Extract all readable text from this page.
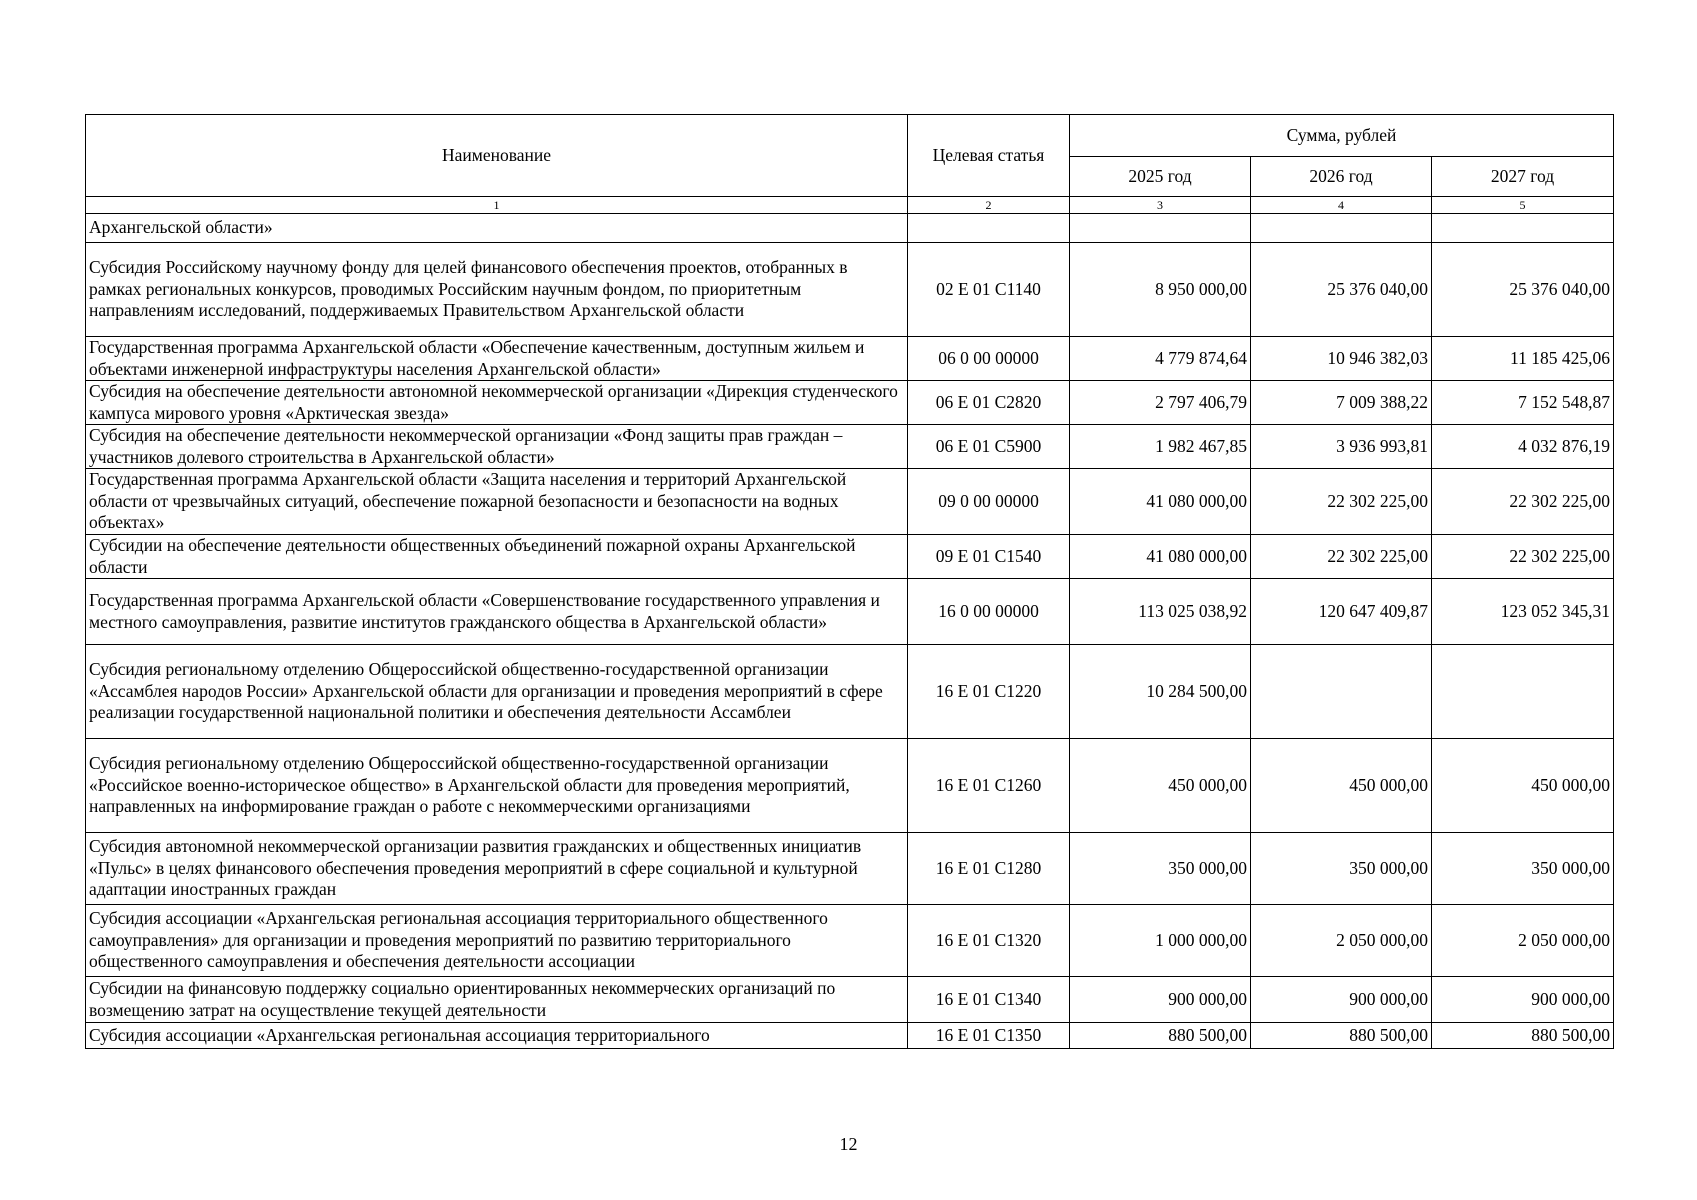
Наименование	Целевая статья	Сумма, рублей		
		2025 год	2026 год	2027 год
1	2	3	4	5
Архангельской области»				
Субсидия Российскому научному фонду для целей финансового обеспечения проектов, отобранных в рамках региональных конкурсов, проводимых Российским научным фондом, по приоритетным направлениям исследований, поддерживаемых Правительством Архангельской области	02 Е 01 С1140	8 950 000,00	25 376 040,00	25 376 040,00
Государственная программа Архангельской области «Обеспечение качественным, доступным жильем и объектами инженерной инфраструктуры населения Архангельской области»	06 0 00 00000	4 779 874,64	10 946 382,03	11 185 425,06
Субсидия на обеспечение деятельности автономной некоммерческой организации «Дирекция студенческого кампуса мирового уровня «Арктическая звезда»	06 Е 01 С2820	2 797 406,79	7 009 388,22	7 152 548,87
Субсидия на обеспечение деятельности некоммерческой организации «Фонд защиты прав граждан – участников долевого строительства в Архангельской области»	06 Е 01 С5900	1 982 467,85	3 936 993,81	4 032 876,19
Государственная программа Архангельской области «Защита населения и территорий Архангельской области от чрезвычайных ситуаций, обеспечение пожарной безопасности и безопасности на водных объектах»	09 0 00 00000	41 080 000,00	22 302 225,00	22 302 225,00
Субсидии на обеспечение деятельности общественных объединений пожарной охраны Архангельской области	09 Е 01 С1540	41 080 000,00	22 302 225,00	22 302 225,00
Государственная программа Архангельской области «Совершенствование государственного управления и местного самоуправления, развитие институтов гражданского общества в Архангельской области»	16 0 00 00000	113 025 038,92	120 647 409,87	123 052 345,31
Субсидия региональному отделению Общероссийской общественно-государственной организации «Ассамблея народов России» Архангельской области для организации и проведения мероприятий в сфере реализации государственной национальной политики и обеспечения деятельности Ассамблеи	16 Е 01 С1220	10 284 500,00		
Субсидия региональному отделению Общероссийской общественно-государственной организации «Российское военно-историческое общество» в Архангельской области для проведения мероприятий, направленных на информирование граждан о работе с некоммерческими организациями	16 Е 01 С1260	450 000,00	450 000,00	450 000,00
Субсидия автономной некоммерческой организации развития гражданских и общественных инициатив «Пульс» в целях финансового обеспечения проведения мероприятий в сфере социальной и культурной адаптации иностранных граждан	16 Е 01 С1280	350 000,00	350 000,00	350 000,00
Субсидия ассоциации «Архангельская региональная ассоциация территориального общественного самоуправления» для организации и проведения мероприятий по развитию территориального общественного самоуправления и обеспечения деятельности ассоциации	16 Е 01 С1320	1 000 000,00	2 050 000,00	2 050 000,00
Субсидии на финансовую поддержку социально ориентированных некоммерческих организаций по возмещению затрат на осуществление текущей деятельности	16 Е 01 С1340	900 000,00	900 000,00	900 000,00
Субсидия ассоциации «Архангельская региональная ассоциация территориального	16 Е 01 С1350	880 500,00	880 500,00	880 500,00
12
